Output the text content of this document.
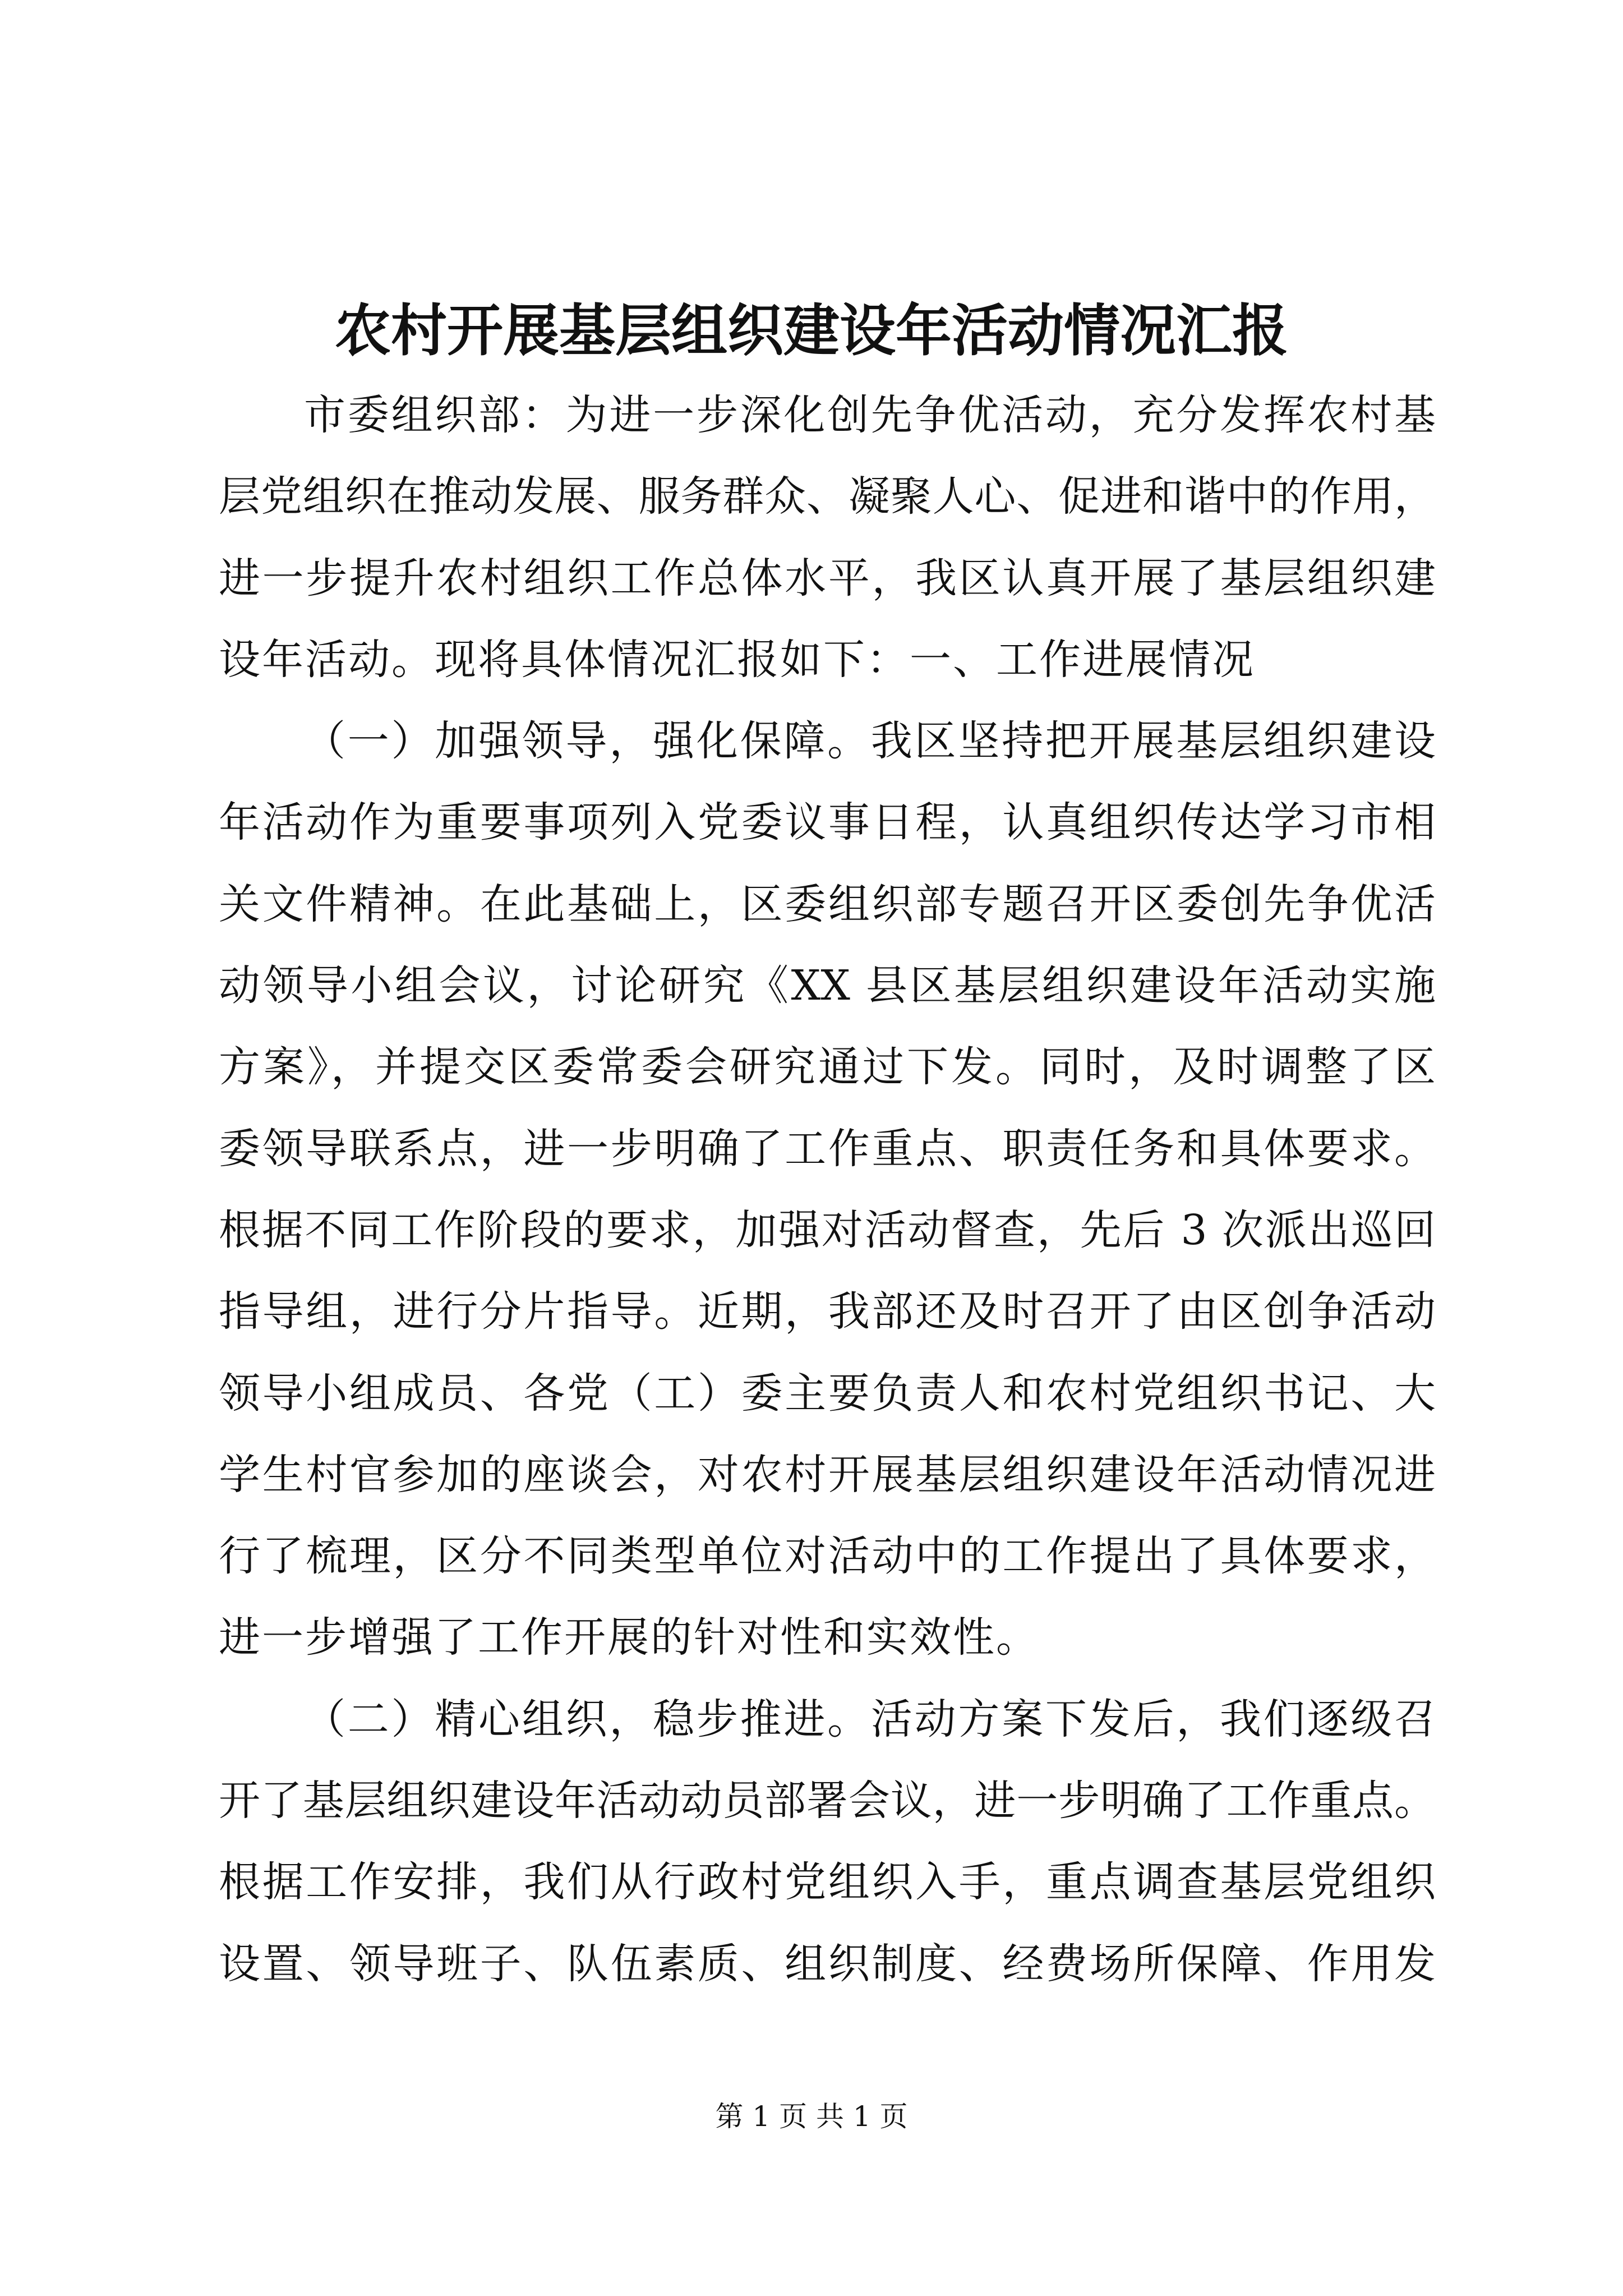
农村开展基层组织建设年活动情况汇报
市委组织部：为进一步深化创先争优活动，充分发挥农村基
层党组织在推动发展、服务群众、凝聚人心、促进和谐中的作用，
进一步提升农村组织工作总体水平，我区认真开展了基层组织建
设年活动。现将具体情况汇报如下：一、工作进展情况
（一）加强领导，强化保障。我区坚持把开展基层组织建设
年活动作为重要事项列入党委议事日程，认真组织传达学习市相
关文件精神。在此基础上，区委组织部专题召开区委创先争优活
动领导小组会议，讨论研究《XX 县区基层组织建设年活动实施
方案》，并提交区委常委会研究通过下发。同时，及时调整了区
委领导联系点，进一步明确了工作重点、职责任务和具体要求。
根据不同工作阶段的要求，加强对活动督查，先后 3 次派出巡回
指导组，进行分片指导。近期，我部还及时召开了由区创争活动
领导小组成员、各党（工）委主要负责人和农村党组织书记、大
学生村官参加的座谈会，对农村开展基层组织建设年活动情况进
行了梳理，区分不同类型单位对活动中的工作提出了具体要求，
进一步增强了工作开展的针对性和实效性。
（二）精心组织，稳步推进。活动方案下发后，我们逐级召
开了基层组织建设年活动动员部署会议，进一步明确了工作重点。
根据工作安排，我们从行政村党组织入手，重点调查基层党组织
设置、领导班子、队伍素质、组织制度、经费场所保障、作用发
第 1 页 共 1 页
